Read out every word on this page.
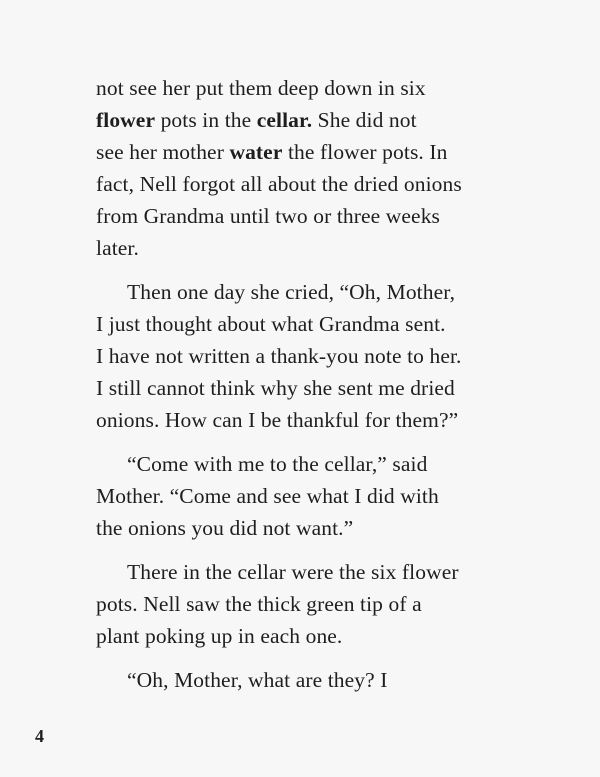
not see her put them deep down in six
flower pots in the cellar. She did not
see her mother water the flower pots. In
fact, Nell forgot all about the dried onions
from Grandma until two or three weeks
later.

Then one day she cried, “Oh, Mother,
I just thought about what Grandma sent.
I have not written a thank-you note to her.
I still cannot think why she sent me dried
onions. How can I be thankful for them?”

“Come with me to the cellar,” said
Mother. “Come and see what I did with
the onions you did not want.”

There in the cellar were the six flower
pots. Nell saw the thick green tip of a
plant poking up in each one.

“Oh, Mother, what are they? I

4
